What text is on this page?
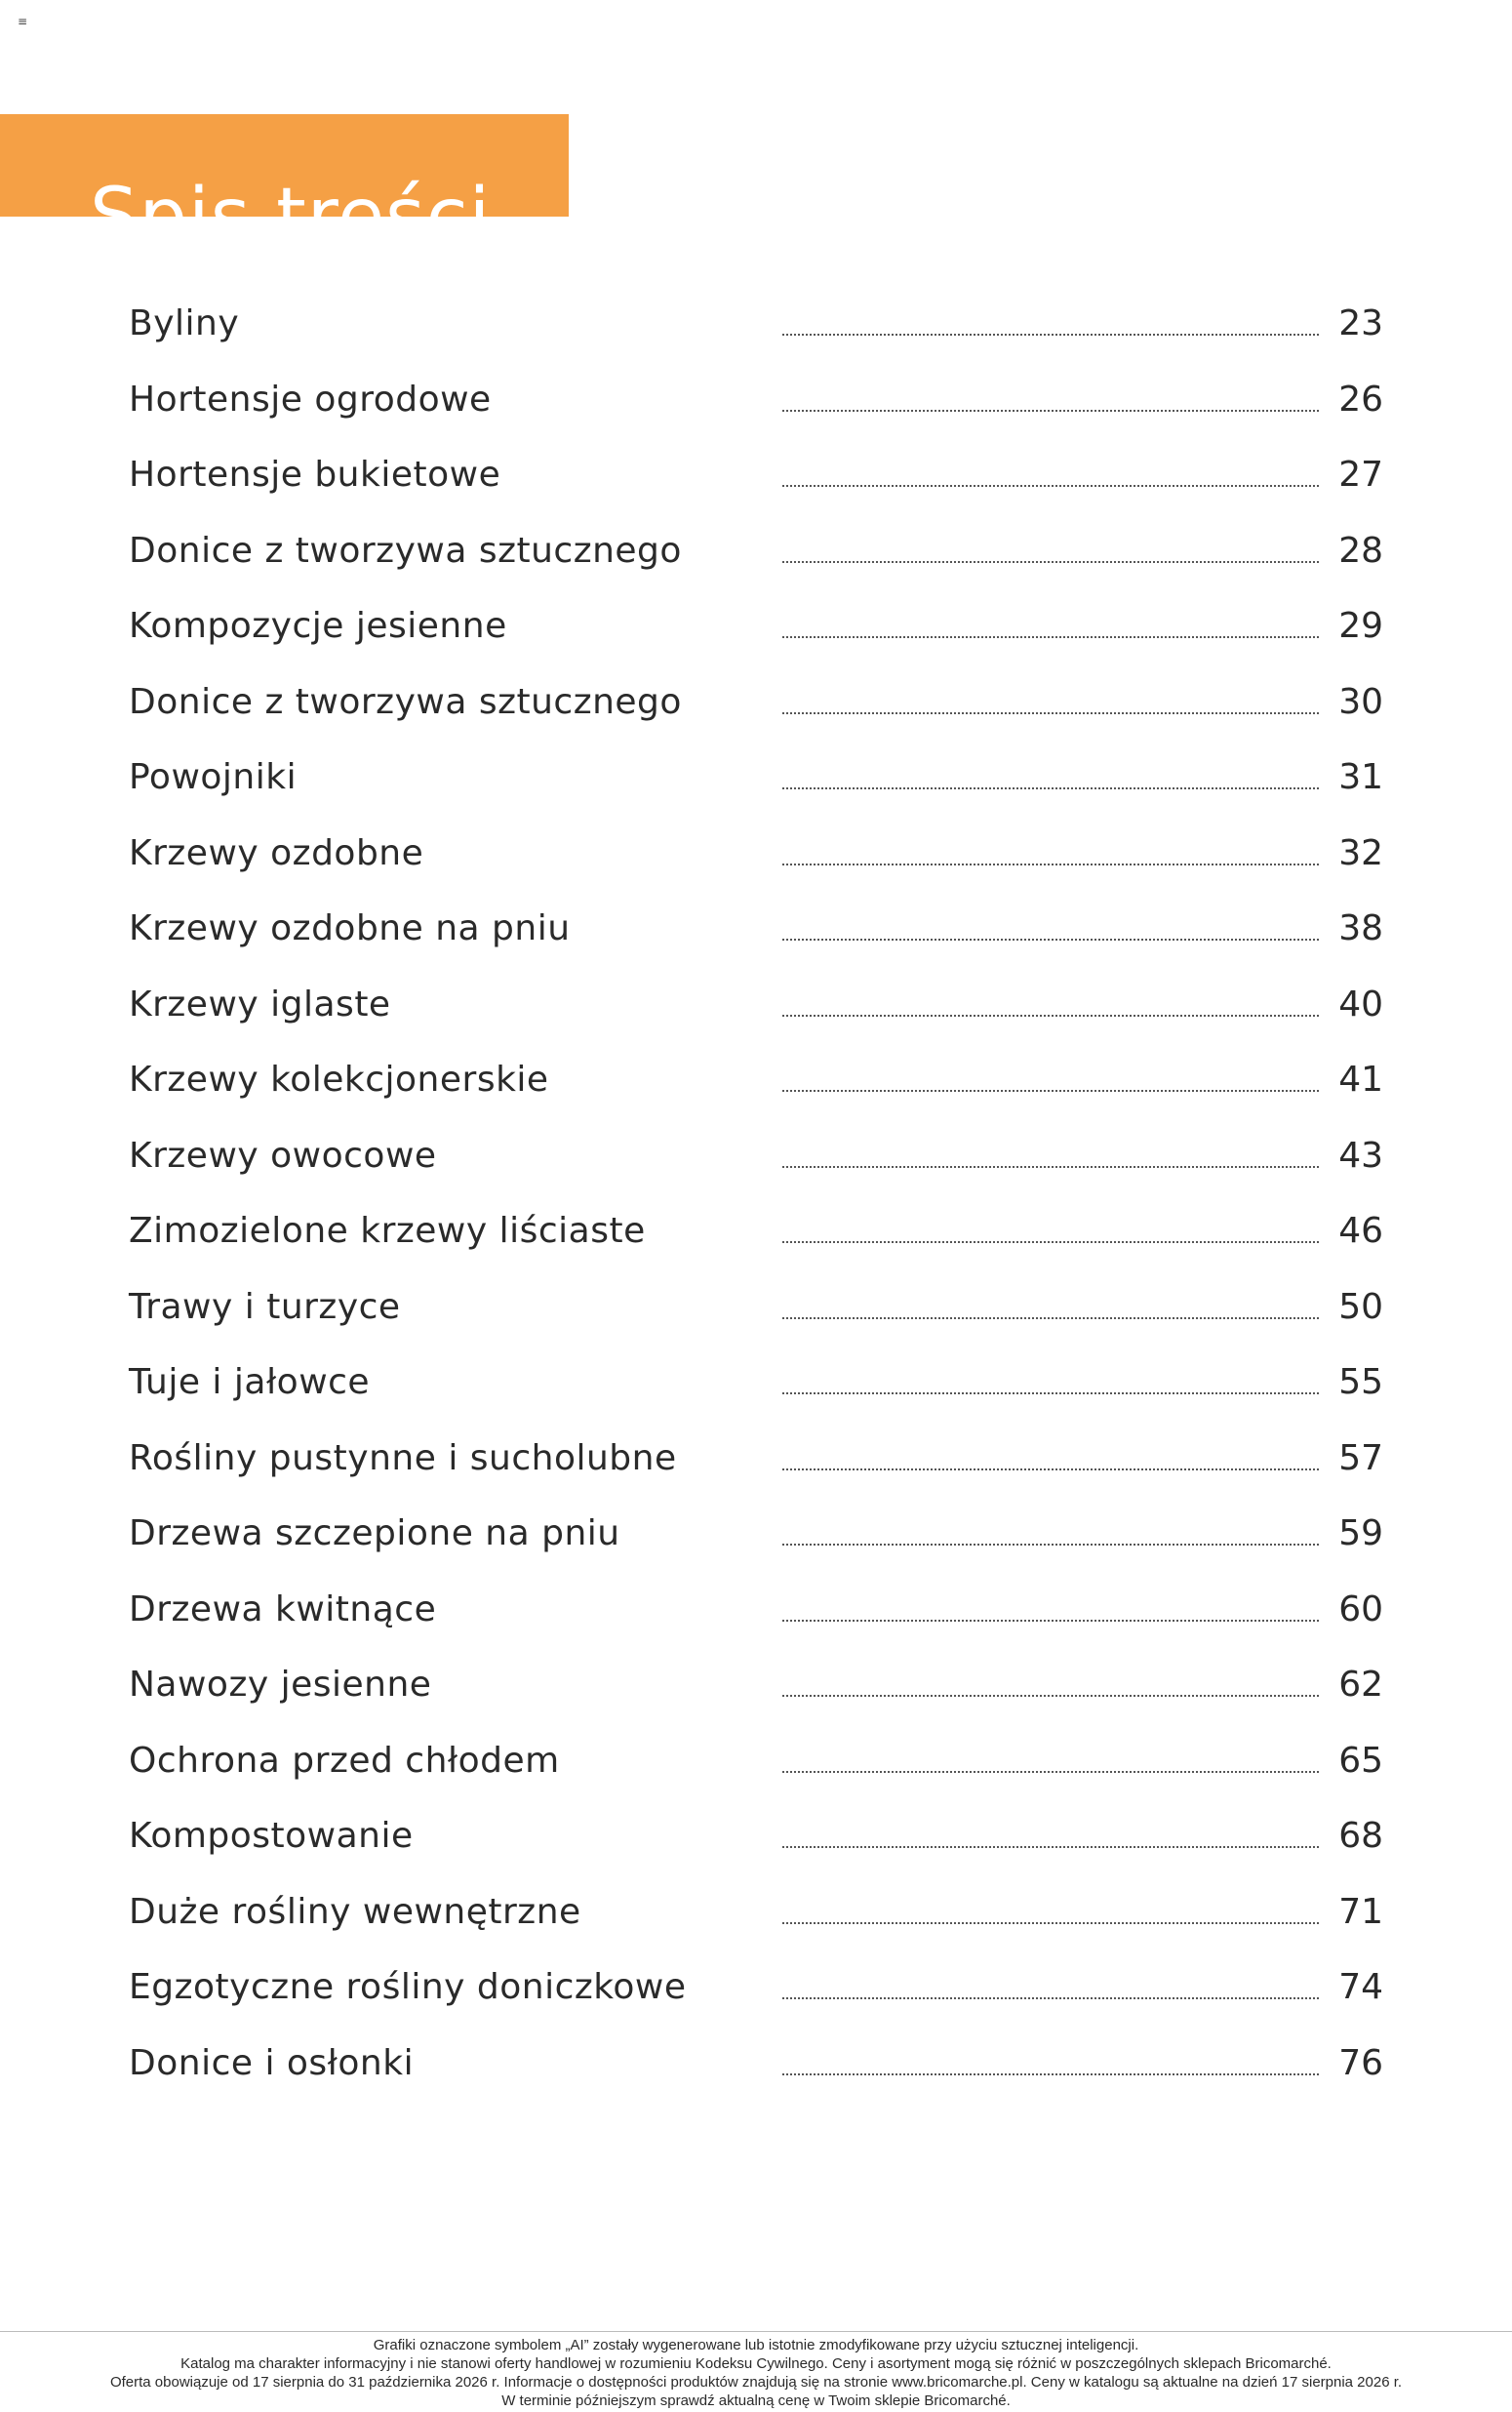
≡
Spis treści
Byliny	23
Hortensje ogrodowe	26
Hortensje bukietowe	27
Donice z tworzywa sztucznego	28
Kompozycje jesienne	29
Donice z tworzywa sztucznego	30
Powojniki	31
Krzewy ozdobne	32
Krzewy ozdobne na pniu	38
Krzewy iglaste	40
Krzewy kolekcjonerskie	41
Krzewy owocowe	43
Zimozielone krzewy liściaste	46
Trawy i turzyce	50
Tuje i jałowce	55
Rośliny pustynne i sucholubne	57
Drzewa szczepione na pniu	59
Drzewa kwitnące	60
Nawozy jesienne	62
Ochrona przed chłodem	65
Kompostowanie	68
Duże rośliny wewnętrzne	71
Egzotyczne rośliny doniczkowe	74
Donice i osłonki	76
Grafiki oznaczone symbolem „AI” zostały wygenerowane lub istotnie zmodyfikowane przy użyciu sztucznej inteligencji.
Katalog ma charakter informacyjny i nie stanowi oferty handlowej w rozumieniu Kodeksu Cywilnego. Ceny i asortyment mogą się różnić w poszczególnych sklepach Bricomarché.
Oferta obowiązuje od 17 sierpnia do 31 października 2026 r. Informacje o dostępności produktów znajdują się na stronie www.bricomarche.pl. Ceny w katalogu są aktualne na dzień 17 sierpnia 2026 r.
W terminie późniejszym sprawdź aktualną cenę w Twoim sklepie Bricomarché.
